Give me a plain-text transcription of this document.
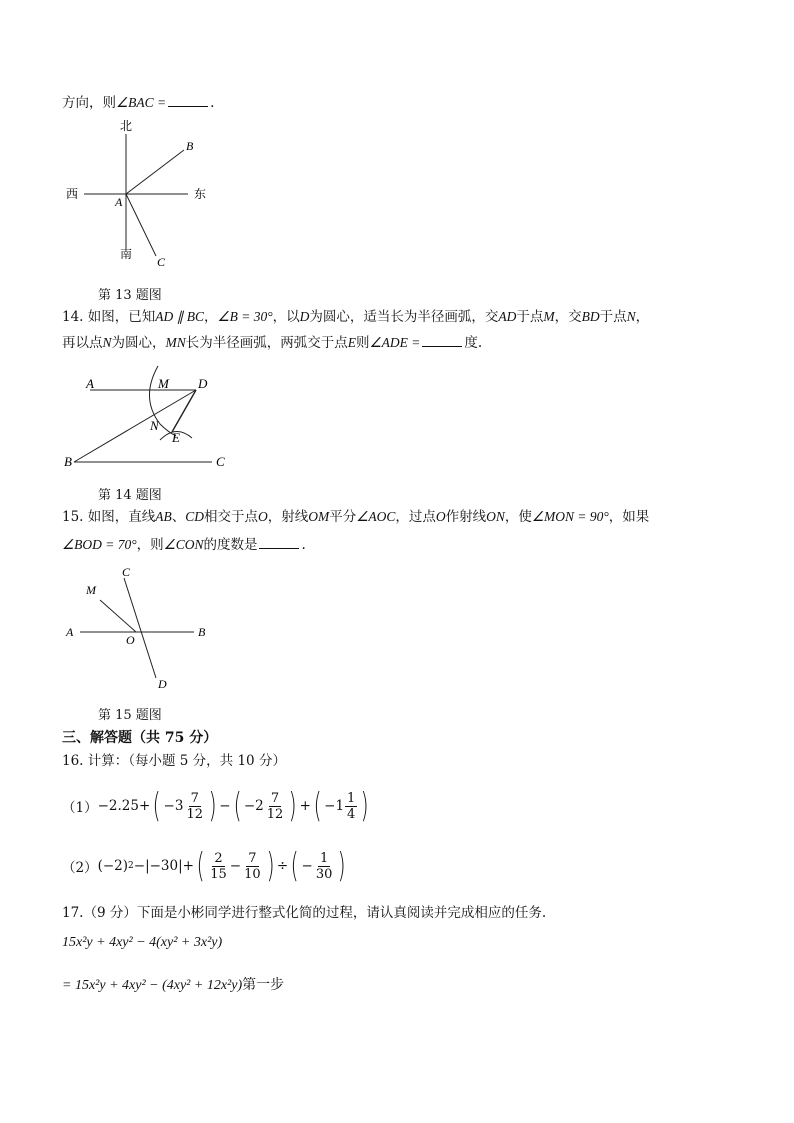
方向，则∠BAC =	.
北
南
西	东
A
B
C
第 13 题图
14. 如图，已知AD ∥ BC，∠B = 30°，以D为圆心，适当长为半径画弧，交AD于点M，交BD于点N，
再以点N为圆心，MN长为半径画弧，两弧交于点E则∠ADE =	度.
A	M D
N
E
B	C
第 14 题图
15. 如图，直线AB、CD相交于点O，射线OM平分∠AOC，过点O作射线ON，使∠MON = 90°，如果
∠BOD = 70°，则∠CON的度数是	.
A	B
C
D
M
O
第 15 题图
三、解答题（共 75 分）
16. 计算：（每小题 5 分，共 10 分）
（1） −2.25+ ( $-3 \frac{7}{12}$ ) − ( $-2 \frac{7}{12}$ ) + ( $-1 \frac{1}{4}$ )
（2） (−2) 2 −|−30|+ ( $\frac{2}{15} - \frac{7}{10}$ ) ÷ ( − $\frac{1}{30}$ )
17.（9 分）下面是小彬同学进行整式化简的过程，请认真阅读并完成相应的任务.
15x²y + 4xy² − 4(xy² + 3x²y)
= 15x²y + 4xy² − (4xy² + 12x²y)第一步
